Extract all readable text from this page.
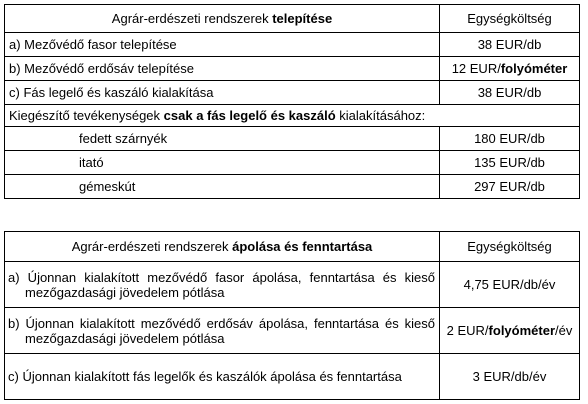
Agrár-erdészeti rendszerek telepítése	Egységköltség
a) Mezővédő fasor telepítése	38 EUR/db
b) Mezővédő erdősáv telepítése	12 EUR/folyóméter
c) Fás legelő és kaszáló kialakítása	38 EUR/db
Kiegészítő tevékenységek csak a fás legelő és kaszáló kialakításához:	
fedett szárnyék	180 EUR/db
itató	135 EUR/db
gémeskút	297 EUR/db
Agrár-erdészeti rendszerek ápolása és fenntartása	Egységköltség
a) Újonnan kialakított mezővédő fasor ápolása, fenntartása és kieső mezőgazdasági jövedelem pótlása	4,75 EUR/db/év
b) Újonnan kialakított mezővédő erdősáv ápolása, fenntartása és kieső mezőgazdasági jövedelem pótlása	2 EUR/folyóméter/év
c) Újonnan kialakított fás legelők és kaszálók ápolása és fenntartása	3 EUR/db/év
